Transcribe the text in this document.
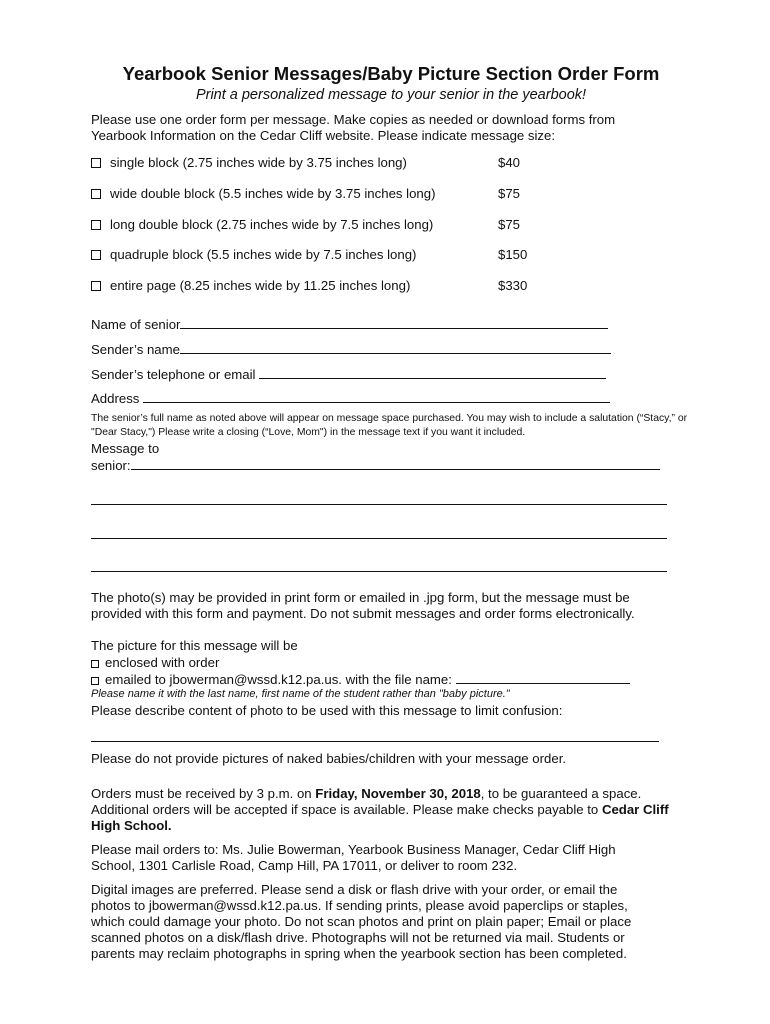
Yearbook Senior Messages/Baby Picture Section Order Form
Print a personalized message to your senior in the yearbook!
Please use one order form per message. Make copies as needed or download forms from Yearbook Information on the Cedar Cliff website. Please indicate message size:
single block (2.75 inches wide by 3.75 inches long)	$40
wide double block (5.5 inches wide by 3.75 inches long)	$75
long double block (2.75 inches wide by 7.5 inches long)	$75
quadruple block (5.5 inches wide by 7.5 inches long)	$150
entire page (8.25 inches wide by 11.25 inches long)	$330
Name of senior
Sender’s name
Sender’s telephone or email
Address
The senior’s full name as noted above will appear on message space purchased. You may wish to include a salutation (“Stacy,” or "Dear Stacy,") Please write a closing (“Love, Mom") in the message text if you want it included.
Message to
senior:
The photo(s) may be provided in print form or emailed in .jpg form, but the message must be provided with this form and payment. Do not submit messages and order forms electronically.
The picture for this message will be
enclosed with order
emailed to jbowerman@wssd.k12.pa.us. with the file name:
Please name it with the last name, first name of the student rather than "baby picture."
Please describe content of photo to be used with this message to limit confusion:
Please do not provide pictures of naked babies/children with your message order.
Orders must be received by 3 p.m. on Friday, November 30, 2018, to be guaranteed a space. Additional orders will be accepted if space is available. Please make checks payable to Cedar Cliff High School.
Please mail orders to: Ms. Julie Bowerman, Yearbook Business Manager, Cedar Cliff High School, 1301 Carlisle Road, Camp Hill, PA 17011, or deliver to room 232.
Digital images are preferred. Please send a disk or flash drive with your order, or email the photos to jbowerman@wssd.k12.pa.us. If sending prints, please avoid paperclips or staples, which could damage your photo. Do not scan photos and print on plain paper; Email or place scanned photos on a disk/flash drive. Photographs will not be returned via mail. Students or parents may reclaim photographs in spring when the yearbook section has been completed.
